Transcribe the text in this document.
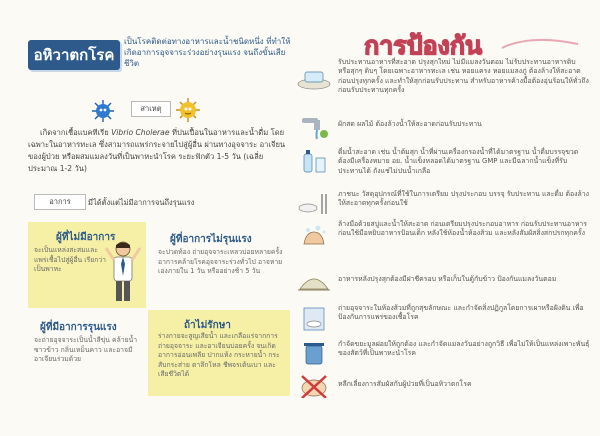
อหิวาตกโรค
เป็นโรคติดต่อทางอาหารและน้ำชนิดหนึ่ง ที่ทำให้เกิดอาการอุจจาระร่วงอย่างรุนแรง จนถึงขั้นเสียชีวิต
สาเหตุ
เกิดจากเชื้อแบคทีเรีย Vibrio Cholerae ที่ปนเปื้อนในอาหารและน้ำดื่ม โดยเฉพาะในอาหารทะเล ซึ่งสามารถแพร่กระจายไปสู่ผู้อื่น ผ่านทางอุจจาระ อาเจียนของผู้ป่วย หรือผสมแมลงวันที่เป็นพาหะนำโรค ระยะฟักตัว 1-5 วัน (เฉลี่ยประมาณ 1-2 วัน)
อาการ	มีได้ตั้งแต่ไม่มีอาการจนถึงรุนแรง
ผู้ที่ไม่มีอาการ
จะเป็นแหล่งสะสมและแพร่เชื้อไปสู่ผู้อื่น เรียกว่าเป็นพาหะ
ผู้ที่อาการไม่รุนแรง
จะปวดท้อง ถ่ายอุจจาระเหลวบ่อยหลายครั้ง อาการคล้ายโรคอุจจาระร่วงทั่วไป อาจหายเองภายใน 1 วัน หรืออย่างช้า 5 วัน
ผู้ที่มีอาการรุนแรง
จะถ่ายอุจจาระเป็นน้ำสีขุ่น คล้ายน้ำซาวข้าว กลิ่นเหม็นคาว และอาจมีอาเจียนร่วมด้วย
ถ้าไม่รักษา
ร่างกายจะสูญเสียน้ำ และเกลือแร่จากการถ่ายอุจจาระ และอาเจียนบ่อยครั้ง จนเกิดอาการอ่อนเพลีย ปากแห้ง กระหายน้ำ กระสับกระส่าย ตาลึกโหล ชีพจรเต้นเบา และเสียชีวิตได้
การป้องกัน
รับประทานอาหารที่สะอาด ปรุงสุกใหม่ ไม่มีแมลงวันตอม ไม่รับประทานอาหารดิบ หรือสุกๆ ดิบๆ โดยเฉพาะอาหารทะเล เช่น หอยแครง หอยแมลงภู่ ต้องล้างให้สะอาดก่อนปรุงทุกครั้ง และทำให้สุกก่อนรับประทาน สำหรับอาหารค้างมื้อต้องอุ่นร้อนให้ทั่วถึงก่อนรับประทานทุกครั้ง
ผักสด ผลไม้ ต้องล้างน้ำให้สะอาดก่อนรับประทาน
ดื่มน้ำสะอาด เช่น น้ำต้มสุก น้ำที่ผ่านเครื่องกรองน้ำที่ได้มาตรฐาน น้ำดื่มบรรจุขวดต้องมีเครื่องหมาย อย. น้ำแข็งหลอดได้มาตรฐาน GMP และมีฉลากน้ำแข็งที่รับประทานได้ ถังแช่ไม่ปนน้ำเกลือ
ภาชนะ วัสดุอุปกรณ์ที่ใช้ในการเตรียม ปรุงประกอบ บรรจุ รับประทาน และดื่ม ต้องล้างให้สะอาดทุกครั้งก่อนใช้
ล้างมือด้วยสบู่และน้ำให้สะอาด ก่อนเตรียมปรุงประกอบอาหาร ก่อนรับประทานอาหาร ก่อนใช้มือหยิบอาหารป้อนเด็ก หลังใช้ห้องน้ำห้องส้วม และหลังสัมผัสสิ่งสกปรกทุกครั้ง
อาหารหลังปรุงสุกต้องมีฝาชีครอบ หรือเก็บในตู้กับข้าว ป้องกันแมลงวันตอม
ถ่ายอุจจาระในห้องส้วมที่ถูกสุขลักษณะ และกำจัดสิ่งปฏิกูลโดยการเผาหรือฝังดิน เพื่อป้องกันการแพร่ของเชื้อโรค
กำจัดขยะมูลฝอยให้ถูกต้อง และกำจัดแมลงวันอย่างถูกวิธี เพื่อไม่ให้เป็นแหล่งเพาะพันธุ์ของสัตว์ที่เป็นพาหะนำโรค
หลีกเลี่ยงการสัมผัสกับผู้ป่วยที่เป็นอหิวาตกโรค
